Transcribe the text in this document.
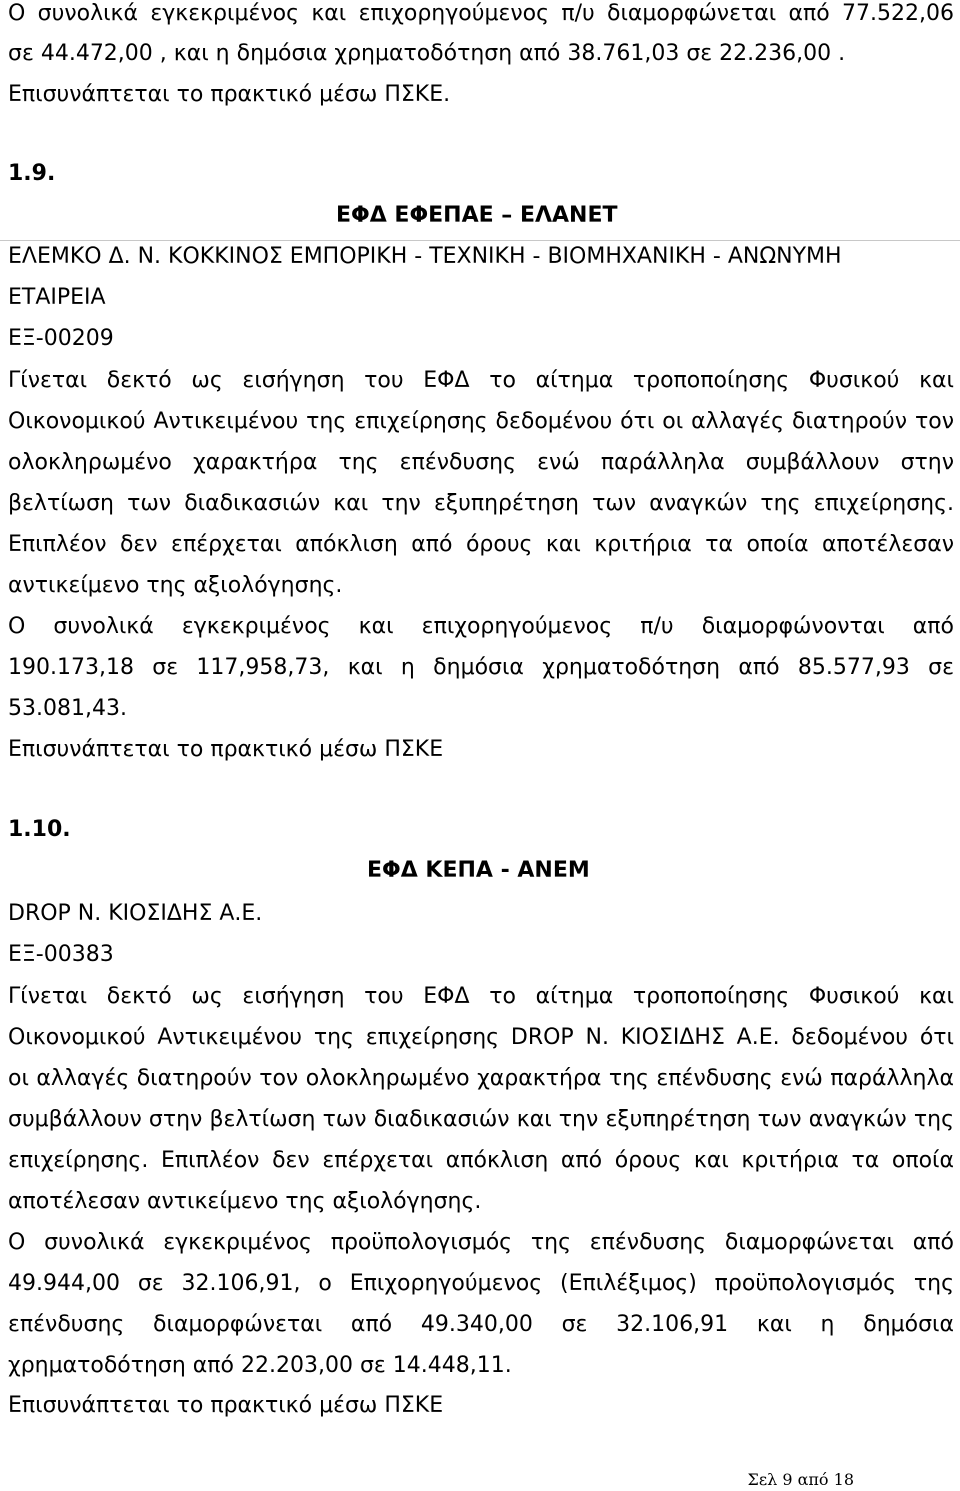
Ο συνολικά εγκεκριμένος και επιχορηγούμενος π/υ διαμορφώνεται από 77.522,06
σε 44.472,00 , και η δημόσια χρηματοδότηση από 38.761,03 σε 22.236,00 .
Επισυνάπτεται το πρακτικό μέσω ΠΣΚΕ.
1.9.
ΕΦΔ ΕΦΕΠΑΕ – ΕΛΑΝΕΤ
ΕΛΕΜΚΟ Δ. Ν. ΚΟΚΚΙΝΟΣ ΕΜΠΟΡΙΚΗ - ΤΕΧΝΙΚΗ - ΒΙΟΜΗΧΑΝΙΚΗ - ΑΝΩΝΥΜΗ
ΕΤΑΙΡΕΙΑ
ΕΞ-00209
Γίνεται δεκτό ως εισήγηση του ΕΦΔ το αίτημα τροποποίησης Φυσικού και
Οικονομικού Αντικειμένου της επιχείρησης δεδομένου ότι οι αλλαγές διατηρούν τον
ολοκληρωμένο χαρακτήρα της επένδυσης ενώ παράλληλα συμβάλλουν στην
βελτίωση των διαδικασιών και την εξυπηρέτηση των αναγκών της επιχείρησης.
Επιπλέον δεν επέρχεται απόκλιση από όρους και κριτήρια τα οποία αποτέλεσαν
αντικείμενο της αξιολόγησης.
Ο συνολικά εγκεκριμένος και επιχορηγούμενος π/υ διαμορφώνονται από
190.173,18 σε 117,958,73, και η δημόσια χρηματοδότηση από 85.577,93 σε
53.081,43.
Επισυνάπτεται το πρακτικό μέσω ΠΣΚΕ
1.10.
ΕΦΔ ΚΕΠΑ - ΑΝΕΜ
DROP Ν. ΚΙΟΣΙΔΗΣ Α.Ε.
ΕΞ-00383
Γίνεται δεκτό ως εισήγηση του ΕΦΔ το αίτημα τροποποίησης Φυσικού και
Οικονομικού Αντικειμένου της επιχείρησης DROP Ν. ΚΙΟΣΙΔΗΣ Α.Ε. δεδομένου ότι
οι αλλαγές διατηρούν τον ολοκληρωμένο χαρακτήρα της επένδυσης ενώ παράλληλα
συμβάλλουν στην βελτίωση των διαδικασιών και την εξυπηρέτηση των αναγκών της
επιχείρησης. Επιπλέον δεν επέρχεται απόκλιση από όρους και κριτήρια τα οποία
αποτέλεσαν αντικείμενο της αξιολόγησης.
Ο συνολικά εγκεκριμένος προϋπολογισμός της επένδυσης διαμορφώνεται από
49.944,00 σε 32.106,91, ο Επιχορηγούμενος (Επιλέξιμος) προϋπολογισμός της
επένδυσης διαμορφώνεται από 49.340,00 σε 32.106,91 και η δημόσια
χρηματοδότηση από 22.203,00 σε 14.448,11.
Επισυνάπτεται το πρακτικό μέσω ΠΣΚΕ
Σελ 9 από 18
